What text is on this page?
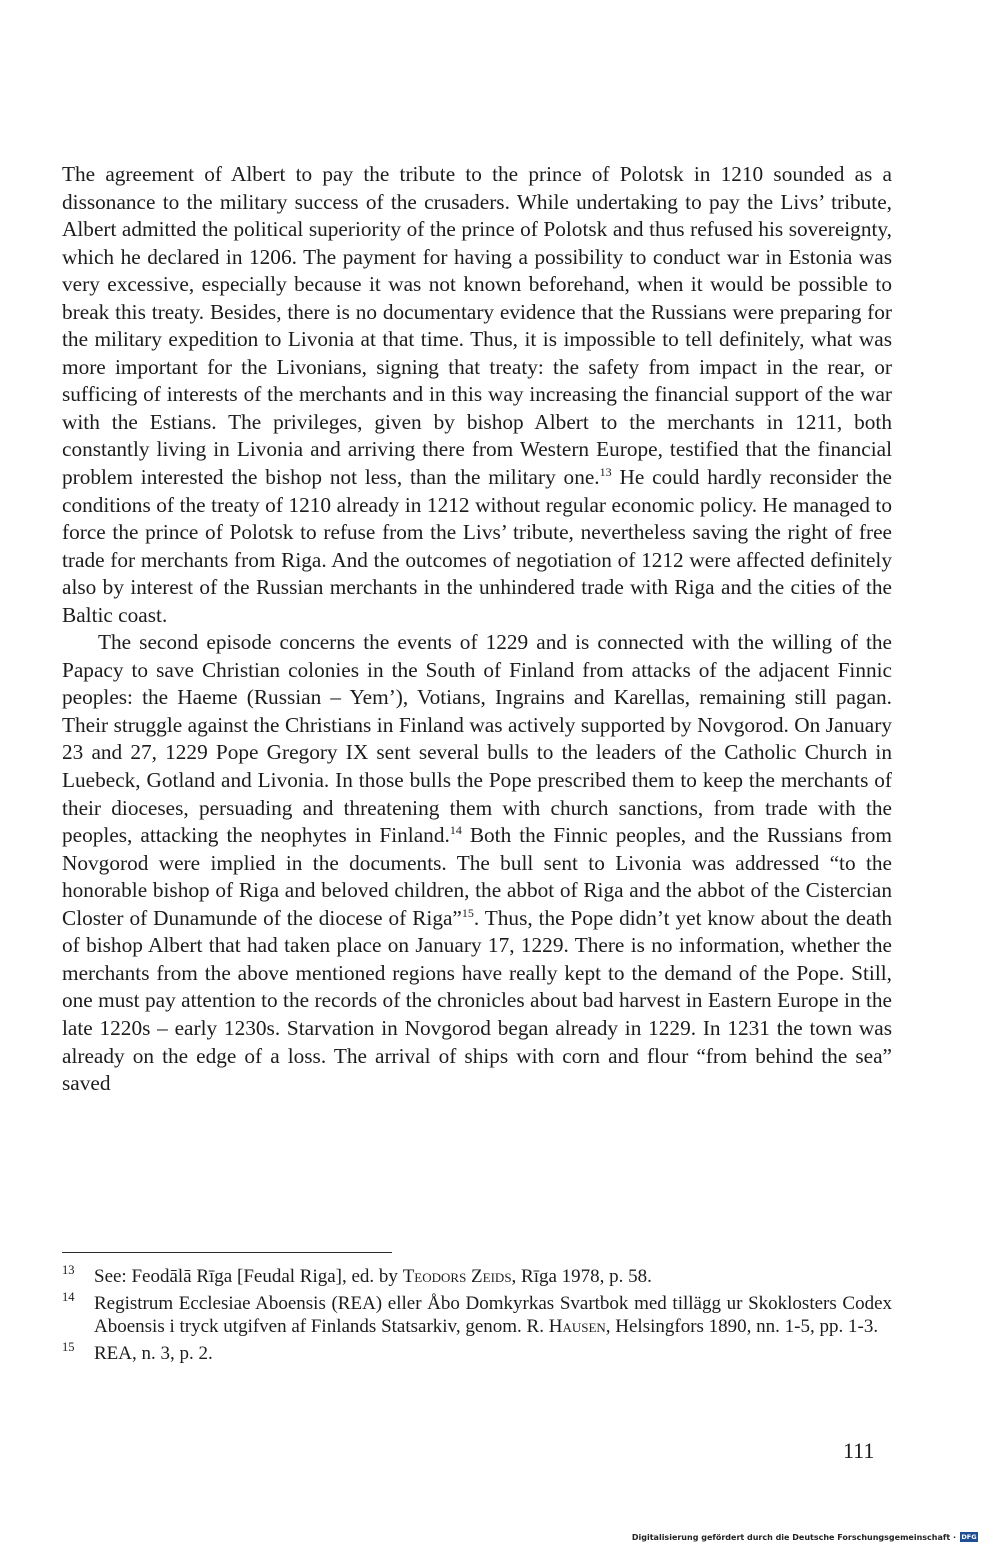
The agreement of Albert to pay the tribute to the prince of Polotsk in 1210 sounded as a dissonance to the military success of the crusaders. While undertaking to pay the Livs’ tribute, Albert admitted the political superiority of the prince of Polotsk and thus refused his sovereignty, which he declared in 1206. The payment for having a possibility to conduct war in Estonia was very excessive, especially because it was not known beforehand, when it would be possible to break this treaty. Besides, there is no documentary evidence that the Russians were preparing for the military expedition to Livonia at that time. Thus, it is impossible to tell definitely, what was more important for the Livonians, signing that treaty: the safety from impact in the rear, or sufficing of interests of the merchants and in this way increasing the financial support of the war with the Estians. The privileges, given by bishop Albert to the merchants in 1211, both constantly living in Livonia and arriving there from Western Europe, testified that the financial problem interested the bishop not less, than the military one.$^{13}$ He could hardly reconsider the conditions of the treaty of 1210 already in 1212 without regular economic policy. He managed to force the prince of Polotsk to refuse from the Livs’ tribute, nevertheless saving the right of free trade for merchants from Riga. And the outcomes of negotiation of 1212 were affected definitely also by interest of the Russian merchants in the unhindered trade with Riga and the cities of the Baltic coast.

The second episode concerns the events of 1229 and is connected with the willing of the Papacy to save Christian colonies in the South of Finland from attacks of the adjacent Finnic peoples: the Haeme (Russian – Yem’), Votians, Ingrains and Karellas, remaining still pagan. Their struggle against the Christians in Finland was actively supported by Novgorod. On January 23 and 27, 1229 Pope Gregory IX sent several bulls to the leaders of the Catholic Church in Luebeck, Gotland and Livonia. In those bulls the Pope prescribed them to keep the merchants of their dioceses, persuading and threatening them with church sanctions, from trade with the peoples, attacking the neophytes in Finland.$^{14}$ Both the Finnic peoples, and the Russians from Novgorod were implied in the documents. The bull sent to Livonia was addressed “to the honorable bishop of Riga and beloved children, the abbot of Riga and the abbot of the Cistercian Closter of Dunamunde of the diocese of Riga”$^{15}$. Thus, the Pope didn’t yet know about the death of bishop Albert that had taken place on January 17, 1229. There is no information, whether the merchants from the above mentioned regions have really kept to the demand of the Pope. Still, one must pay attention to the records of the chronicles about bad harvest in Eastern Europe in the late 1220s – early 1230s. Starvation in Novgorod began already in 1229. In 1231 the town was already on the edge of a loss. The arrival of ships with corn and flour “from behind the sea” saved

13 See: Feodālā Rīga [Feudal Riga], ed. by Teodors Zeids, Rīga 1978, p. 58.
14 Registrum Ecclesiae Aboensis (REA) eller Åbo Domkyrkas Svartbok med tillägg ur Skoklosters Codex Aboensis i tryck utgifven af Finlands Statsarkiv, genom. R. Hausen, Helsingfors 1890, nn. 1-5, pp. 1-3.
15 REA, n. 3, p. 2.
111
Digitalisierung gefördert durch die Deutsche Forschungsgemeinschaft · DFG
